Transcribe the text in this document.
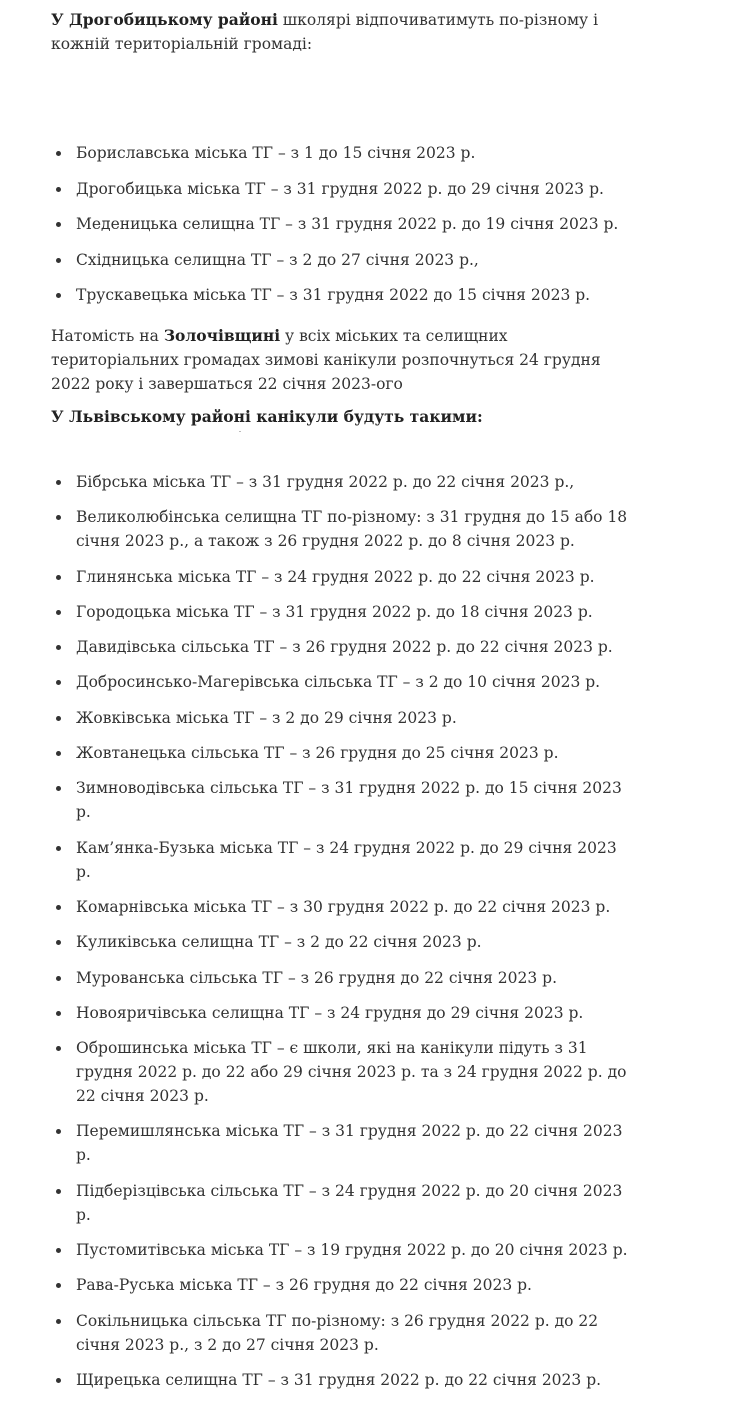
У Дрогобицькому районі школярі відпочиватимуть по-різному і кожній територіальній громаді:

Бориславська міська ТГ – з 1 до 15 січня 2023 р.
Дрогобицька міська ТГ – з 31 грудня 2022 р. до 29 січня 2023 р.
Меденицька селищна ТГ – з 31 грудня 2022 р. до 19 січня 2023 р.
Східницька селищна ТГ – з 2 до 27 січня 2023 р.,
Трускавецька міська ТГ – з 31 грудня 2022 до 15 січня 2023 р.

Натомість на Золочівщині у всіх міських та селищних територіальних громадах зимові канікули розпочнуться 24 грудня 2022 року і завершаться 22 січня 2023-ого

У Львівському районі канікули будуть такими:

Бібрська міська ТГ – з 31 грудня 2022 р. до 22 січня 2023 р.,
Великолюбінська селищна ТГ по-різному: з 31 грудня до 15 або 18 січня 2023 р., а також з 26 грудня 2022 р. до 8 січня 2023 р.
Глинянська міська ТГ – з 24 грудня 2022 р. до 22 січня 2023 р.
Городоцька міська ТГ – з 31 грудня 2022 р. до 18 січня 2023 р.
Давидівська сільська ТГ – з 26 грудня 2022 р. до 22 січня 2023 р.
Добросинсько-Магерівська сільська ТГ – з 2 до 10 січня 2023 р.
Жовківська міська ТГ – з 2 до 29 січня 2023 р.
Жовтанецька сільська ТГ – з 26 грудня до 25 січня 2023 р.
Зимноводівська сільська ТГ – з 31 грудня 2022 р. до 15 січня 2023 р.
Кам’янка-Бузька міська ТГ – з 24 грудня 2022 р. до 29 січня 2023 р.
Комарнівська міська ТГ – з 30 грудня 2022 р. до 22 січня 2023 р.
Куликівська селищна ТГ – з 2 до 22 січня 2023 р.
Мурованська сільська ТГ – з 26 грудня до 22 січня 2023 р.
Новояричівська селищна ТГ – з 24 грудня до 29 січня 2023 р.
Оброшинська міська ТГ – є школи, які на канікули підуть з 31 грудня 2022 р. до 22 або 29 січня 2023 р. та з 24 грудня 2022 р. до 22 січня 2023 р.
Перемишлянська міська ТГ – з 31 грудня 2022 р. до 22 січня 2023 р.
Підберізцівська сільська ТГ – з 24 грудня 2022 р. до 20 січня 2023 р.
Пустомитівська міська ТГ – з 19 грудня 2022 р. до 20 січня 2023 р.
Рава-Руська міська ТГ – з 26 грудня до 22 січня 2023 р.
Сокільницька сільська ТГ по-різному: з 26 грудня 2022 р. до 22 січня 2023 р., з 2 до 27 січня 2023 р.
Щирецька селищна ТГ – з 31 грудня 2022 р. до 22 січня 2023 р.
